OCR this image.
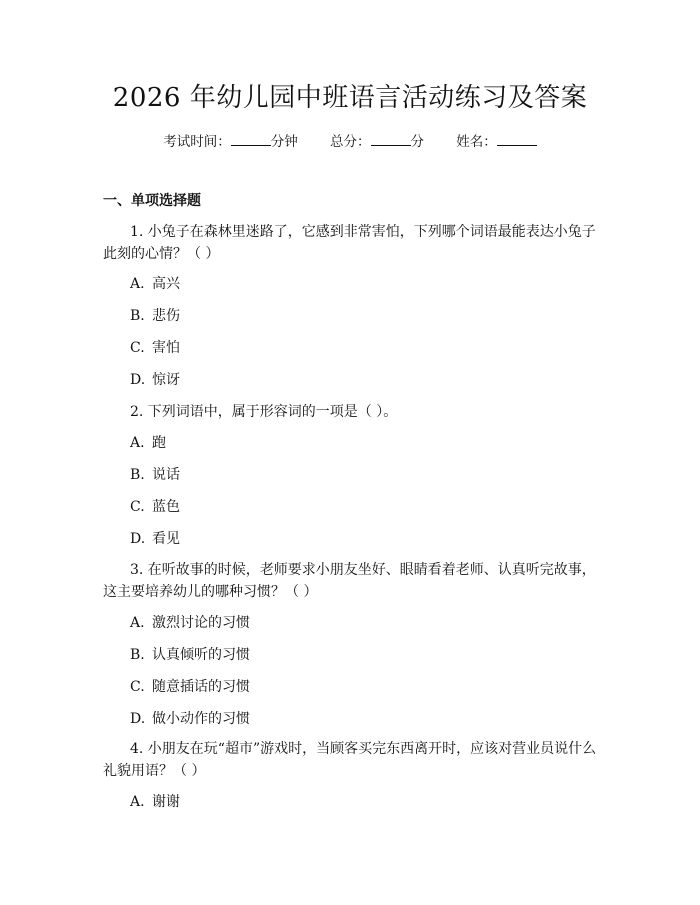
2026 年幼儿园中班语言活动练习及答案
考试时间：	分钟 总分：	分 姓名：
一、单项选择题
1. 小兔子在森林里迷路了，它感到非常害怕，下列哪个词语最能表达小兔子此刻的心情？（ ）
A. 高兴
B. 悲伤
C. 害怕
D. 惊讶
2. 下列词语中，属于形容词的一项是（ ）。
A. 跑
B. 说话
C. 蓝色
D. 看见
3. 在听故事的时候，老师要求小朋友坐好、眼睛看着老师、认真听完故事，这主要培养幼儿的哪种习惯？（ ）
A. 激烈讨论的习惯
B. 认真倾听的习惯
C. 随意插话的习惯
D. 做小动作的习惯
4. 小朋友在玩“超市”游戏时，当顾客买完东西离开时，应该对营业员说什么礼貌用语？（ ）
A. 谢谢
